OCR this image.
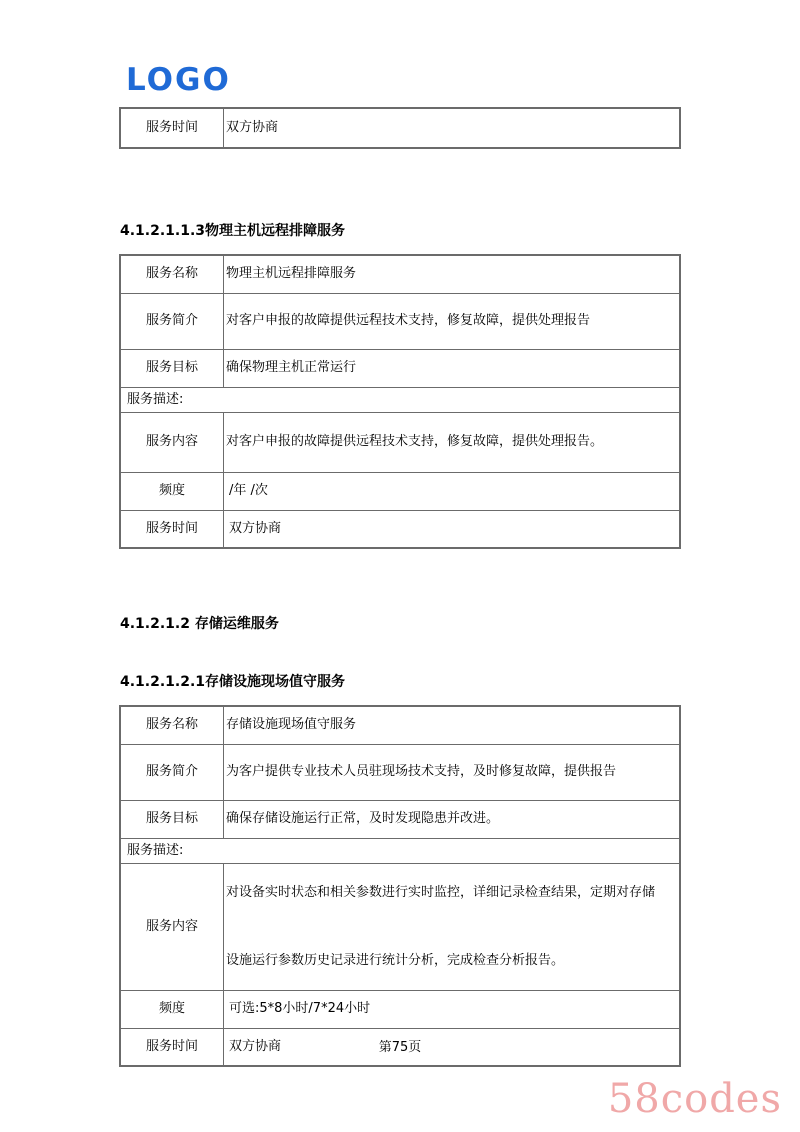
LOGO
服务时间	双方协商
4.1.2.1.1.3物理主机远程排障服务
服务名称	物理主机远程排障服务
服务简介	对客户申报的故障提供远程技术支持，修复故障，提供处理报告
服务目标	确保物理主机正常运行
服务描述:	
服务内容	对客户申报的故障提供远程技术支持，修复故障，提供处理报告。
频度	/年 /次
服务时间	双方协商
4.1.2.1.2 存储运维服务
4.1.2.1.2.1存储设施现场值守服务
服务名称	存储设施现场值守服务
服务简介	为客户提供专业技术人员驻现场技术支持，及时修复故障，提供报告
服务目标	确保存储设施运行正常，及时发现隐患并改进。
服务描述:	
服务内容	对设备实时状态和相关参数进行实时监控，详细记录检查结果，定期对存储
设施运行参数历史记录进行统计分析，完成检查分析报告。

频度	可选:5*8小时/7*24小时
服务时间	双方协商	第75页
58codes
